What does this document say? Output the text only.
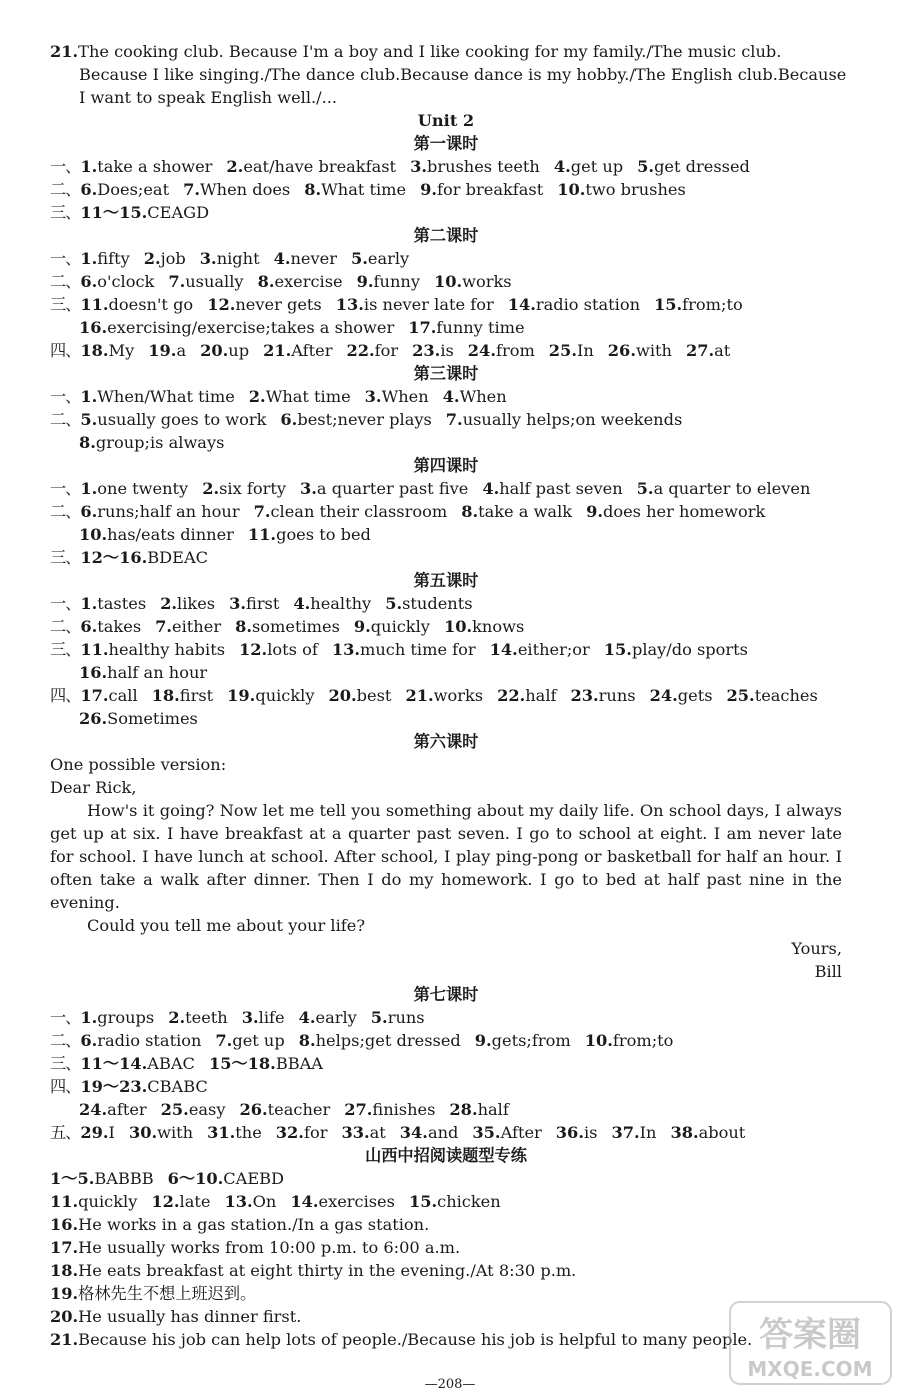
21.The cooking club. Because I'm a boy and I like cooking for my family./The music club.
Because I like singing./The dance club.Because dance is my hobby./The English club.Because
I want to speak English well./...
Unit 2
第一课时
一、1.take a shower 2.eat/have breakfast 3.brushes teeth 4.get up 5.get dressed
二、6.Does;eat 7.When does 8.What time 9.for breakfast 10.two brushes
三、11～15.CEAGD
第二课时
一、1.fifty 2.job 3.night 4.never 5.early
二、6.o'clock 7.usually 8.exercise 9.funny 10.works
三、11.doesn't go 12.never gets 13.is never late for 14.radio station 15.from;to
16.exercising/exercise;takes a shower 17.funny time
四、18.My 19.a 20.up 21.After 22.for 23.is 24.from 25.In 26.with 27.at
第三课时
一、1.When/What time 2.What time 3.When 4.When
二、5.usually goes to work 6.best;never plays 7.usually helps;on weekends
8.group;is always
第四课时
一、1.one twenty 2.six forty 3.a quarter past five 4.half past seven 5.a quarter to eleven
二、6.runs;half an hour 7.clean their classroom 8.take a walk 9.does her homework
10.has/eats dinner 11.goes to bed
三、12～16.BDEAC
第五课时
一、1.tastes 2.likes 3.first 4.healthy 5.students
二、6.takes 7.either 8.sometimes 9.quickly 10.knows
三、11.healthy habits 12.lots of 13.much time for 14.either;or 15.play/do sports
16.half an hour
四、17.call 18.first 19.quickly 20.best 21.works 22.half 23.runs 24.gets 25.teaches
26.Sometimes
第六课时
One possible version:
Dear Rick,
How's it going? Now let me tell you something about my daily life. On school days, I always get up at six. I have breakfast at a quarter past seven. I go to school at eight. I am never late for school. I have lunch at school. After school, I play ping-pong or basketball for half an hour. I often take a walk after dinner. Then I do my homework. I go to bed at half past nine in the evening.
Could you tell me about your life?
Yours,
Bill
第七课时
一、1.groups 2.teeth 3.life 4.early 5.runs
二、6.radio station 7.get up 8.helps;get dressed 9.gets;from 10.from;to
三、11～14.ABAC 15～18.BBAA
四、19～23.CBABC
24.after 25.easy 26.teacher 27.finishes 28.half
五、29.I 30.with 31.the 32.for 33.at 34.and 35.After 36.is 37.In 38.about
山西中招阅读题型专练
1～5.BABBB 6～10.CAEBD
11.quickly 12.late 13.On 14.exercises 15.chicken
16.He works in a gas station./In a gas station.
17.He usually works from 10:00 p.m. to 6:00 a.m.
18.He eats breakfast at eight thirty in the evening./At 8:30 p.m.
19.格林先生不想上班迟到。
20.He usually has dinner first.
21.Because his job can help lots of people./Because his job is helpful to many people.
—208—
答案圈
MXQE.COM
